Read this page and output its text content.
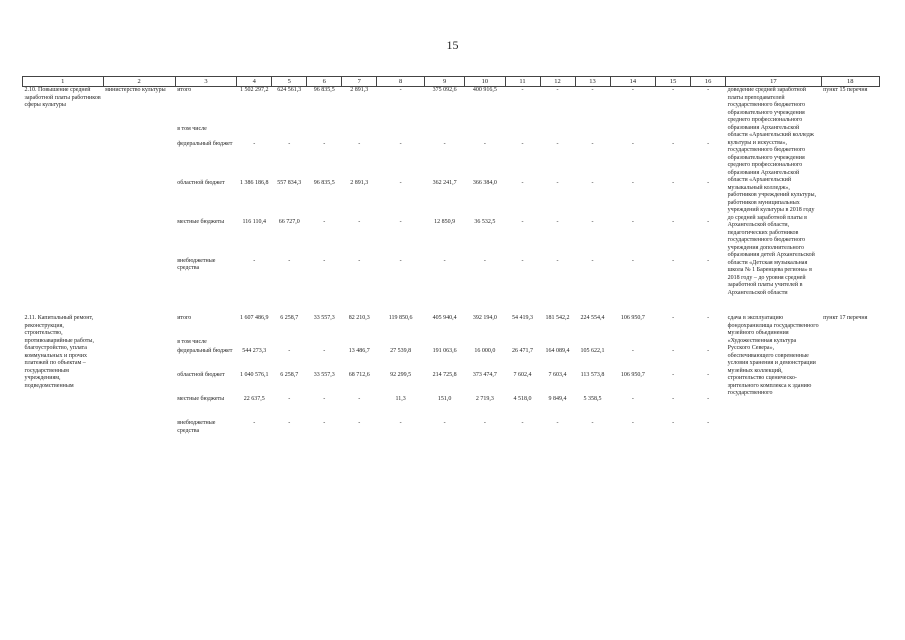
15
1	2	3	4	5	6	7	8	9	10	11	12	13	14	15	16	17	18
2.10. Повышение средней заработной платы работников сферы культуры	министерство культуры	итого	1 502 297,2	624 561,3	96 835,5	2 891,3	-	375 092,6	400 916,5	-	-	-	-	-	-	доведение средней заработной платы преподавателей государственного бюджетного образовательного учреждения среднего профессионального образования Архангельской области «Архангельский колледж культуры и искусства», государственного бюджетного образовательного учреждения среднего профессионального образования Архангельской области «Архангельский музыкальный колледж», работников учреждений культуры, работников муниципальных учреждений культуры в 2018 году до средней заработной платы в Архангельской области, педагогических работников государственного бюджетного учреждения дополнительного образования детей Архангельской области «Детская музыкальная школа № 1 Баренцева региона» в 2018 году – до уровня средней заработной платы учителей в Архангельской области	пункт 15 перечня
		в том числе															
		федеральный бюджет	-	-	-	-	-	-	-	-	-	-	-	-	-		
		областной бюджет	1 386 186,8	557 834,3	96 835,5	2 891,3	-	362 241,7	366 384,0	-	-	-	-	-	-		
		местные бюджеты	116 110,4	66 727,0	-	-	-	12 850,9	36 532,5	-	-	-	-	-	-		
		внебюджетные средства	-	-	-	-	-	-	-	-	-	-	-	-	-		

2.11. Капитальный ремонт, реконструкция, строительство, противоаварийные работы, благоустройство, уплата коммунальных и прочих платежей по объектам – государственным учреждениям, подведомственным		итого	1 607 486,9	6 258,7	33 557,3	82 210,3	119 850,6	405 940,4	392 194,0	54 419,3	181 542,2	224 554,4	106 950,7	-	-	сдача в эксплуатацию фондохранилища государственного музейного объединения «Художественная культура Русского Севера», обеспечивающего современные условия хранения и демонстрации музейных коллекций, строительство сценическо-зрительного комплекса к зданию государственного	пункт 17 перечня
		в том числе															
		федеральный бюджет	544 273,3	-	-	13 486,7	27 539,8	191 063,6	16 000,0	26 471,7	164 089,4	105 622,1	-	-	-		
		областной бюджет	1 040 576,1	6 258,7	33 557,3	68 712,6	92 299,5	214 725,8	373 474,7	7 602,4	7 603,4	113 573,8	106 950,7	-	-		
		местные бюджеты	22 637,5	-	-	-	11,3	151,0	2 719,3	4 518,0	9 849,4	5 358,5	-	-	-		
		внебюджетные средства	-	-	-	-	-	-	-	-	-	-	-	-	-		
